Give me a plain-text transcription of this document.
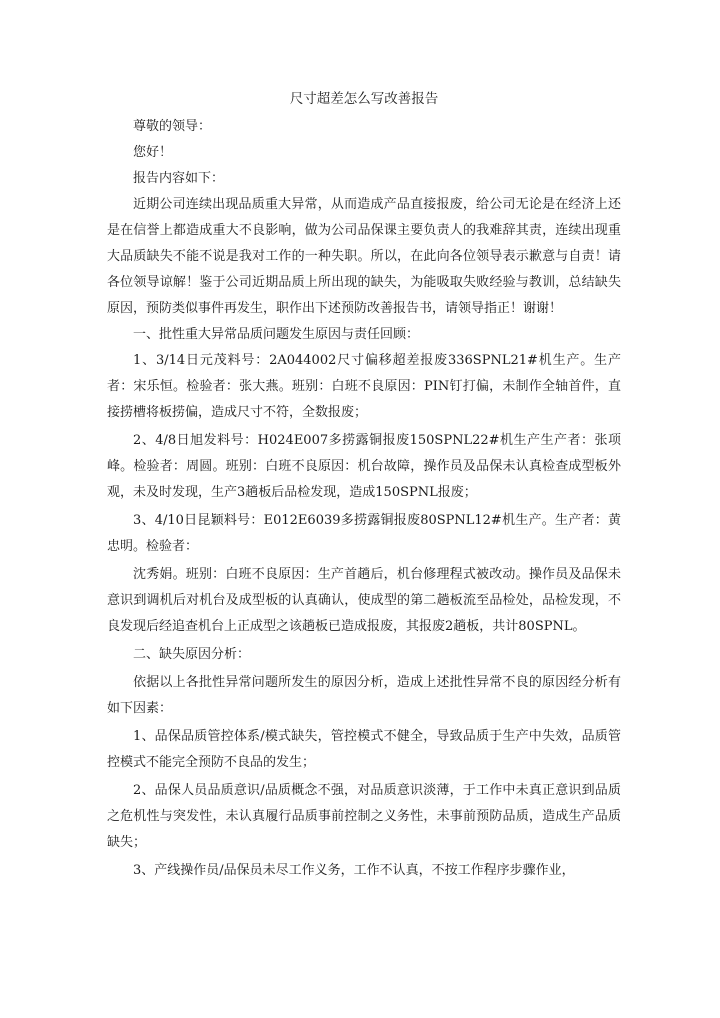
尺寸超差怎么写改善报告

尊敬的领导：

您好！

报告内容如下：

近期公司连续出现品质重大异常，从而造成产品直接报废，给公司无论是在经济上还是在信誉上都造成重大不良影响，做为公司品保课主要负责人的我难辞其责，连续出现重大品质缺失不能不说是我对工作的一种失职。所以，在此向各位领导表示歉意与自责！请各位领导谅解！鉴于公司近期品质上所出现的缺失，为能吸取失败经验与教训，总结缺失原因，预防类似事件再发生，职作出下述预防改善报告书，请领导指正！谢谢！

一、批性重大异常品质问题发生原因与责任回顾：

1、3/14日元茂料号：2A044002尺寸偏移超差报废336SPNL21#机生产。生产者：宋乐恒。检验者：张大燕。班别：白班不良原因：PIN钉打偏，未制作全轴首件，直接捞槽将板捞偏，造成尺寸不符，全数报废；

2、4/8日旭发料号：H024E007多捞露铜报废150SPNL22#机生产生产者：张项峰。检验者：周圆。班别：白班不良原因：机台故障，操作员及品保未认真检查成型板外观，未及时发现，生产3趟板后品检发现，造成150SPNL报废；

3、4/10日昆颖料号：E012E6039多捞露铜报废80SPNL12#机生产。生产者：黄忠明。检验者：

沈秀娟。班别：白班不良原因：生产首趟后，机台修理程式被改动。操作员及品保未意识到调机后对机台及成型板的认真确认，使成型的第二趟板流至品检处，品检发现，不良发现后经追查机台上正成型之该趟板已造成报废，其报废2趟板，共计80SPNL。

二、缺失原因分析：

依据以上各批性异常问题所发生的原因分析，造成上述批性异常不良的原因经分析有如下因素：

1、品保品质管控体系/模式缺失，管控模式不健全，导致品质于生产中失效，品质管控模式不能完全预防不良品的发生；

2、品保人员品质意识/品质概念不强，对品质意识淡薄，于工作中未真正意识到品质之危机性与突发性，未认真履行品质事前控制之义务性，未事前预防品质，造成生产品质缺失；

3、产线操作员/品保员未尽工作义务，工作不认真，不按工作程序步骤作业，
